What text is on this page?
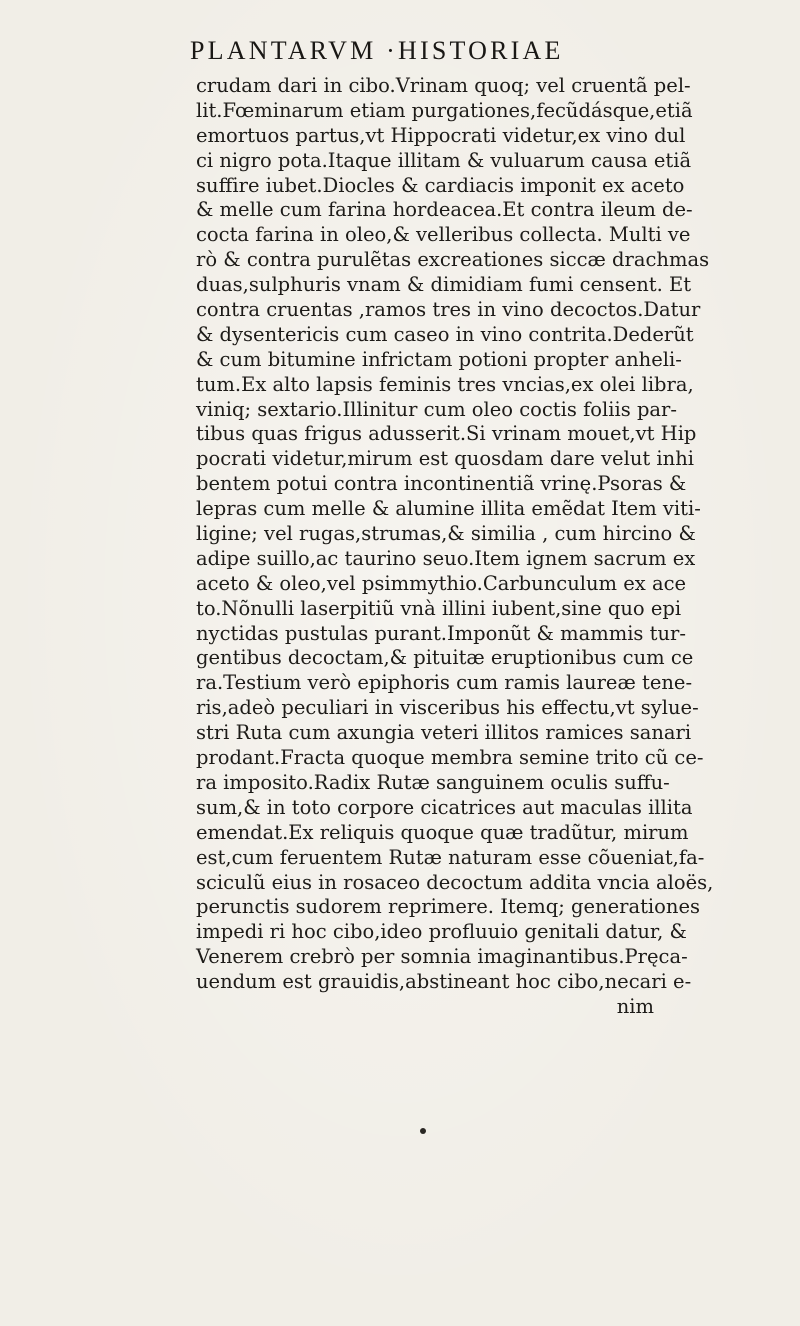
PLANTARVM ·HISTORIAE
crudam dari in cibo.Vrinam quoq; vel cruentã pel-
lit.Fœminarum etiam purgationes,fecũdásque,etiã
emortuos partus,vt Hippocrati videtur,ex vino dul
ci nigro pota.Itaque illitam & vuluarum causa etiã
suffire iubet.Diocles & cardiacis imponit ex aceto
& melle cum farina hordeacea.Et contra ileum de-
cocta farina in oleo,& velleribus collecta. Multi ve
rò & contra purulẽtas excreationes siccæ drachmas
duas,sulphuris vnam & dimidiam fumi censent. Et
contra cruentas ,ramos tres in vino decoctos.Datur
& dysentericis cum caseo in vino contrita.Dederũt
& cum bitumine infrictam potioni propter anheli-
tum.Ex alto lapsis feminis tres vncias,ex olei libra,
viniq; sextario.Illinitur cum oleo coctis foliis par-
tibus quas frigus adusserit.Si vrinam mouet,vt Hip
pocrati videtur,mirum est quosdam dare velut inhi
bentem potui contra incontinentiã vrinę.Psoras &
lepras cum melle & alumine illita emẽdat Item viti-
ligine; vel rugas,strumas,& similia , cum hircino &
adipe suillo,ac taurino seuo.Item ignem sacrum ex
aceto & oleo,vel psimmythio.Carbunculum ex ace
to.Nõnulli laserpitiũ vnà illini iubent,sine quo epi
nyctidas pustulas purant.Imponũt & mammis tur-
gentibus decoctam,& pituitæ eruptionibus cum ce
ra.Testium verò epiphoris cum ramis laureæ tene-
ris,adeò peculiari in visceribus his effectu,vt sylue-
stri Ruta cum axungia veteri illitos ramices sanari
prodant.Fracta quoque membra semine trito cũ ce-
ra imposito.Radix Rutæ sanguinem oculis suffu-
sum,& in toto corpore cicatrices aut maculas illita
emendat.Ex reliquis quoque quæ tradũtur, mirum
est,cum feruentem Rutæ naturam esse cõueniat,fa-
sciculũ eius in rosaceo decoctum addita vncia aloës,
perunctis sudorem reprimere. Itemq; generationes
impedi ri hoc cibo,ideo profluuio genitali datur, &
Venerem crebrò per somnia imaginantibus.Pręca-
uendum est grauidis,abstineant hoc cibo,necari e-
nim
